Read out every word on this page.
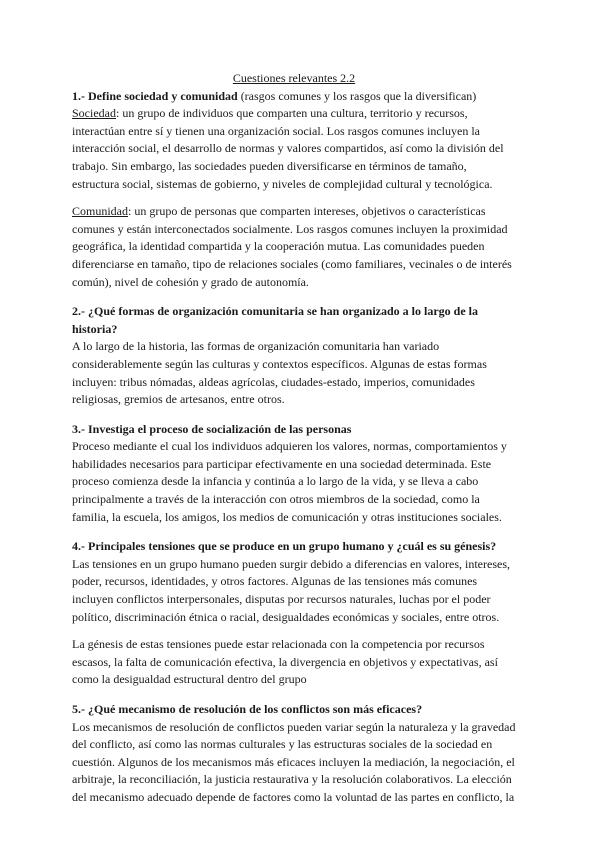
Cuestiones relevantes 2.2

1.- Define sociedad y comunidad (rasgos comunes y los rasgos que la diversifican)

Sociedad: un grupo de individuos que comparten una cultura, territorio y recursos, interactúan entre sí y tienen una organización social. Los rasgos comunes incluyen la interacción social, el desarrollo de normas y valores compartidos, así como la división del trabajo. Sin embargo, las sociedades pueden diversificarse en términos de tamaño, estructura social, sistemas de gobierno, y niveles de complejidad cultural y tecnológica.

Comunidad: un grupo de personas que comparten intereses, objetivos o características comunes y están interconectados socialmente. Los rasgos comunes incluyen la proximidad geográfica, la identidad compartida y la cooperación mutua. Las comunidades pueden diferenciarse en tamaño, tipo de relaciones sociales (como familiares, vecinales o de interés común), nivel de cohesión y grado de autonomía.

2.- ¿Qué formas de organización comunitaria se han organizado a lo largo de la historia?

A lo largo de la historia, las formas de organización comunitaria han variado considerablemente según las culturas y contextos específicos. Algunas de estas formas incluyen: tribus nómadas, aldeas agrícolas, ciudades-estado, imperios, comunidades religiosas, gremios de artesanos, entre otros.

3.- Investiga el proceso de socialización de las personas

Proceso mediante el cual los individuos adquieren los valores, normas, comportamientos y habilidades necesarios para participar efectivamente en una sociedad determinada. Este proceso comienza desde la infancia y continúa a lo largo de la vida, y se lleva a cabo principalmente a través de la interacción con otros miembros de la sociedad, como la familia, la escuela, los amigos, los medios de comunicación y otras instituciones sociales.

4.- Principales tensiones que se produce en un grupo humano y ¿cuál es su génesis?

Las tensiones en un grupo humano pueden surgir debido a diferencias en valores, intereses, poder, recursos, identidades, y otros factores. Algunas de las tensiones más comunes incluyen conflictos interpersonales, disputas por recursos naturales, luchas por el poder político, discriminación étnica o racial, desigualdades económicas y sociales, entre otros.

La génesis de estas tensiones puede estar relacionada con la competencia por recursos escasos, la falta de comunicación efectiva, la divergencia en objetivos y expectativas, así como la desigualdad estructural dentro del grupo

5.- ¿Qué mecanismo de resolución de los conflictos son más eficaces?

Los mecanismos de resolución de conflictos pueden variar según la naturaleza y la gravedad del conflicto, así como las normas culturales y las estructuras sociales de la sociedad en cuestión. Algunos de los mecanismos más eficaces incluyen la mediación, la negociación, el arbitraje, la reconciliación, la justicia restaurativa y la resolución colaborativos. La elección del mecanismo adecuado depende de factores como la voluntad de las partes en conflicto, la
